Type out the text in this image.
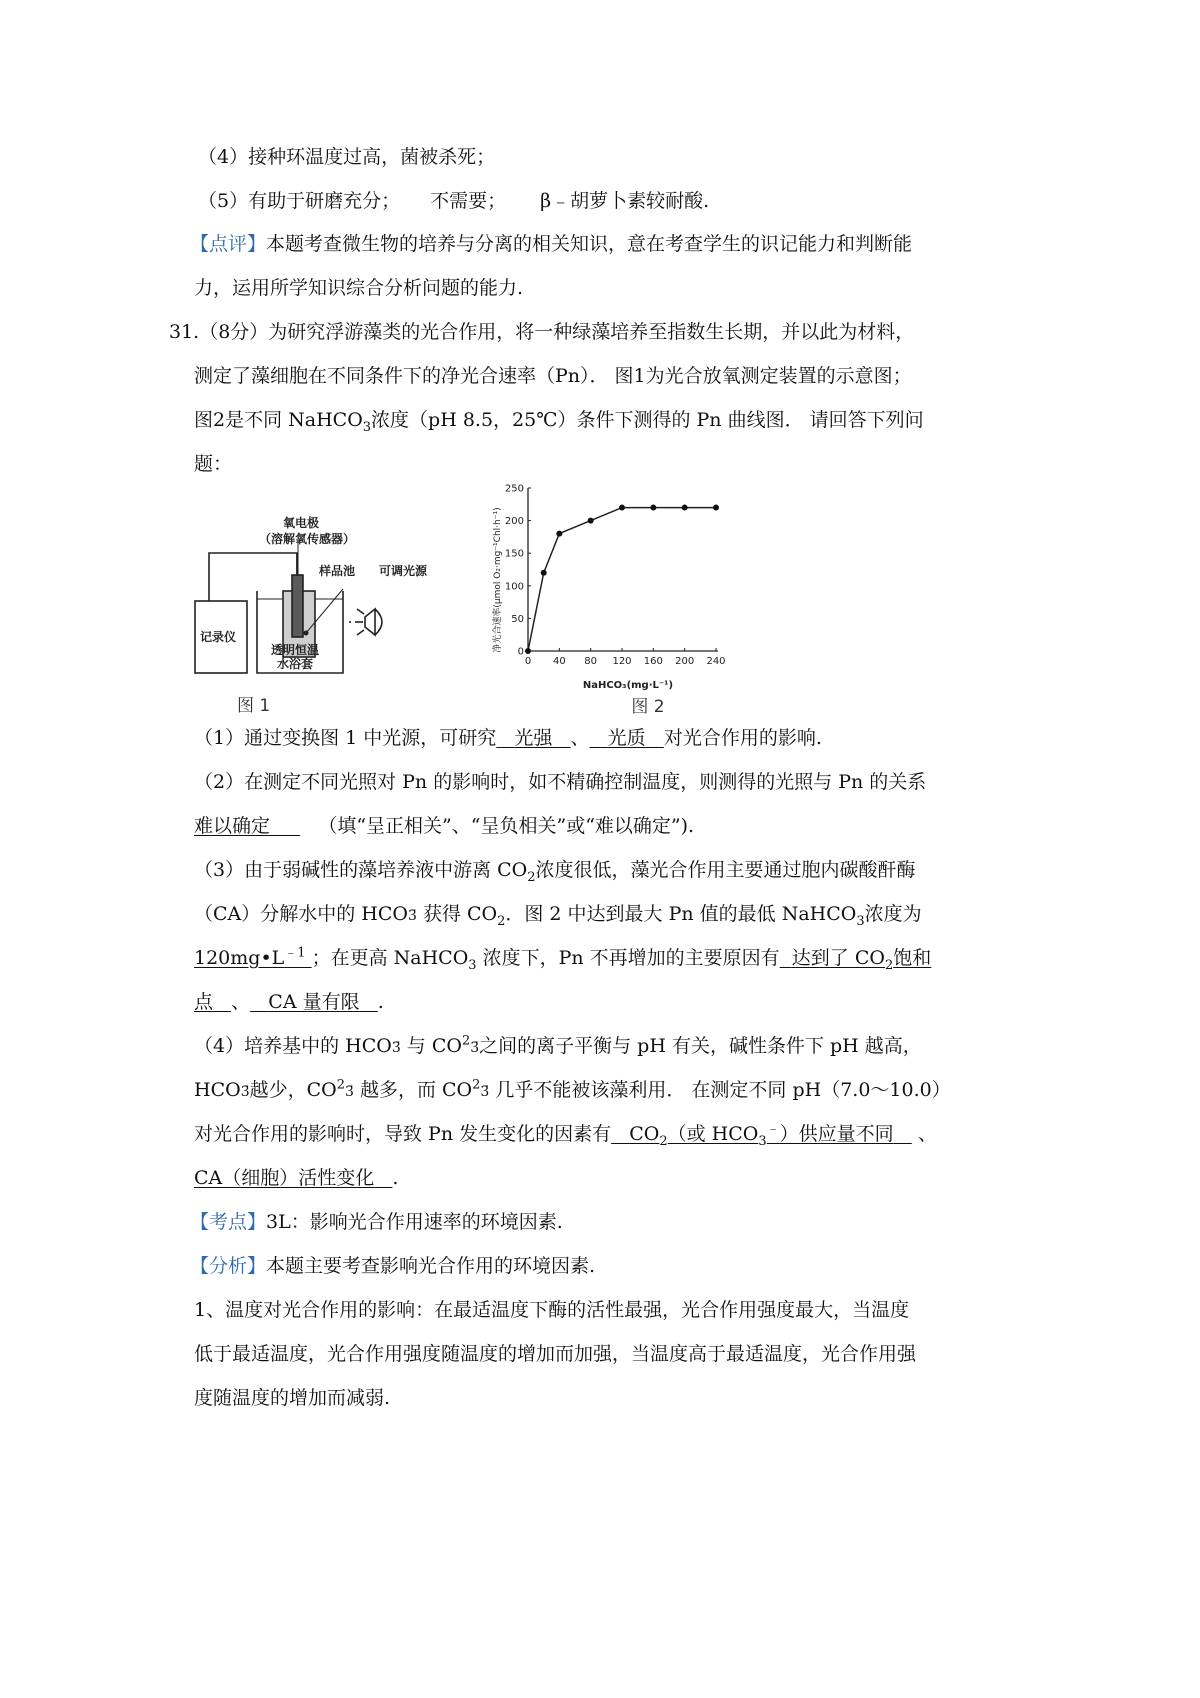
（4）接种环温度过高，菌被杀死；
（5）有助于研磨充分； 不需要； β﹣胡萝卜素较耐酸.
【点评】本题考查微生物的培养与分离的相关知识，意在考查学生的识记能力和判断能
力，运用所学知识综合分析问题的能力.
31.（8分）为研究浮游藻类的光合作用，将一种绿藻培养至指数生长期，并以此为材料，
测定了藻细胞在不同条件下的净光合速率（Pn）． 图1为光合放氧测定装置的示意图；
图2是不同 NaHCO$_3$浓度（pH 8.5，25℃）条件下测得的 Pn 曲线图． 请回答下列问
题：
氧电极
（溶解氧传感器）
样品池 可调光源
记录仪
透明恒温
水浴套
图 1
净光合速率(μmol O₂·mg⁻¹Chl·h⁻¹)
NaHCO₃(mg·L⁻¹)
图 2
0 40 80 120 160 200 240
0
50
100
150
200
250
（1）通过变换图 1 中光源，可研究 光强 、 光质 对光合作用的影响.
（2）在测定不同光照对 Pn 的影响时，如不精确控制温度，则测得的光照与 Pn 的关系
难以确定	（填“呈正相关”、“呈负相关”或“难以确定”).
（3）由于弱碱性的藻培养液中游离 $CO_2$浓度很低，藻光合作用主要通过胞内碳酸酐酶
（CA）分解水中的 HCO3̄ 获得 $CO_2$．图 2 中达到最大 Pn 值的最低 NaHCO$_3$浓度为
$120mg•L^{﹣1}$ ；在更高 NaHCO$_3$ 浓度下，Pn 不再增加的主要原因有 达到了 $CO_2$饱和
点 、 CA 量有限 .
（4）培养基中的 HCO3̄ 与 $CO^23̄$之间的离子平衡与 pH 有关，碱性条件下 pH 越高，
HCO3̄越少，$CO^23̄$ 越多，而 $CO^23̄$ 几乎不能被该藻利用． 在测定不同 pH（7.0～10.0）
对光合作用的影响时，导致 Pn 发生变化的因素有 $CO_2$（或 $HCO_3^﹣$）供应量不同 、
CA（细胞）活性变化 .
【考点】3L：影响光合作用速率的环境因素.
【分析】本题主要考查影响光合作用的环境因素.
1、温度对光合作用的影响：在最适温度下酶的活性最强，光合作用强度最大，当温度
低于最适温度，光合作用强度随温度的增加而加强，当温度高于最适温度，光合作用强
度随温度的增加而减弱.
